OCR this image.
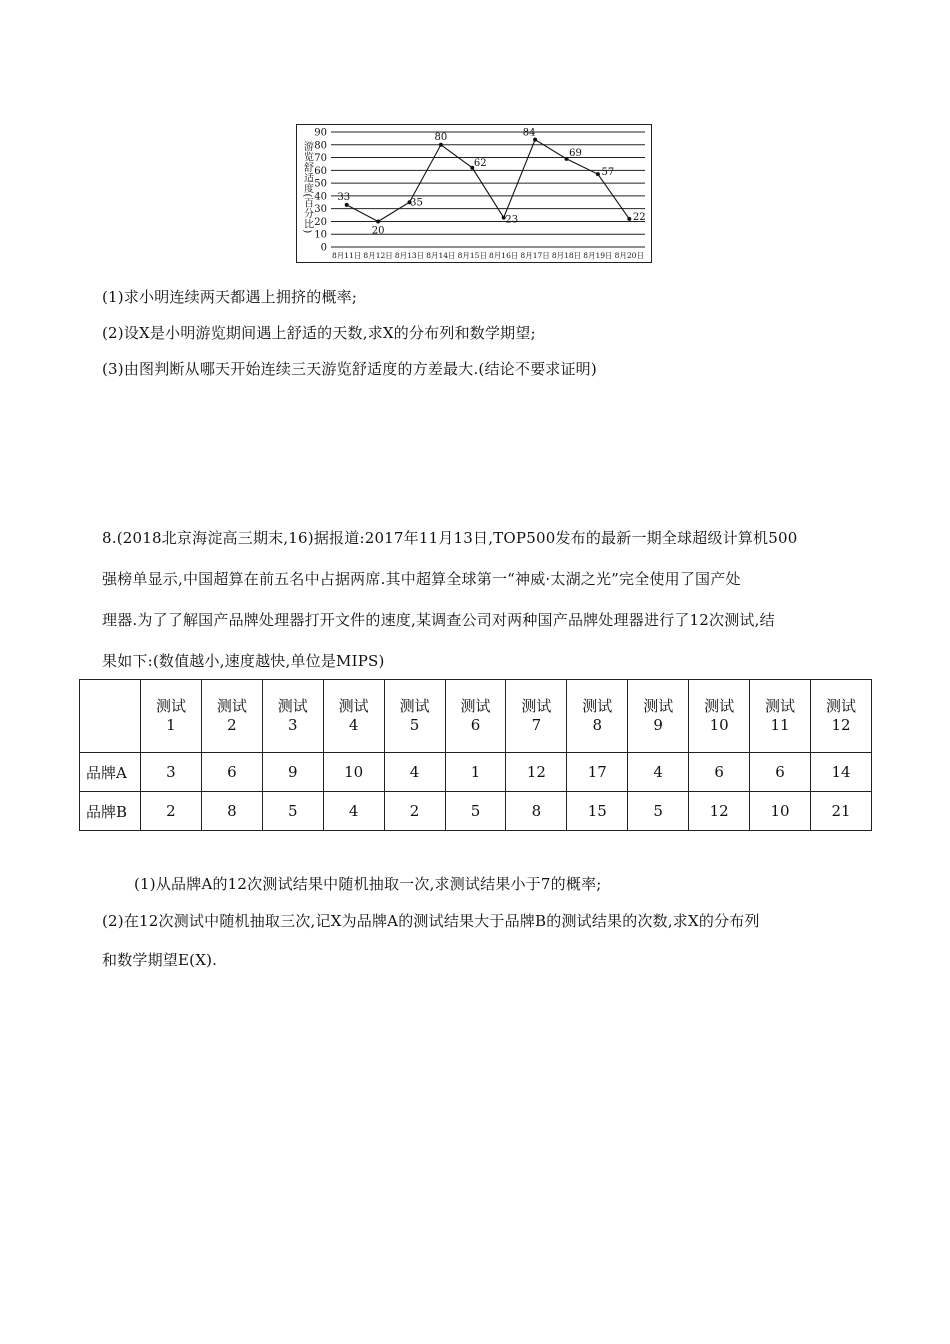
0
10
20
30
40
50
60
70
80
90
游览舒适度(百分比)
8月11日 8月12日 8月13日 8月14日 8月15日 8月16日 8月17日 8月18日 8月19日 8月20日
33
20
35
80
62
23
84
69
57
22
(1)求小明连续两天都遇上拥挤的概率;
(2)设X是小明游览期间遇上舒适的天数,求X的分布列和数学期望;
(3)由图判断从哪天开始连续三天游览舒适度的方差最大.(结论不要求证明)
8.(2018北京海淀高三期末,16)据报道:2017年11月13日,TOP500发布的最新一期全球超级计算机500
强榜单显示,中国超算在前五名中占据两席.其中超算全球第一“神威·太湖之光”完全使用了国产处
理器.为了了解国产品牌处理器打开文件的速度,某调查公司对两种国产品牌处理器进行了12次测试,结
果如下:(数值越小,速度越快,单位是MIPS)
	测试	测试	测试	测试	测试	测试	测试	测试	测试	测试	测试	测试
	1	2	3	4	5	6	7	8	9	10	11	12
品牌A	3	6	9	10	4	1	12	17	4	6	6	14
品牌B	2	8	5	4	2	5	8	15	5	12	10	21
(1)从品牌A的12次测试结果中随机抽取一次,求测试结果小于7的概率;
(2)在12次测试中随机抽取三次,记X为品牌A的测试结果大于品牌B的测试结果的次数,求X的分布列
和数学期望E(X).
